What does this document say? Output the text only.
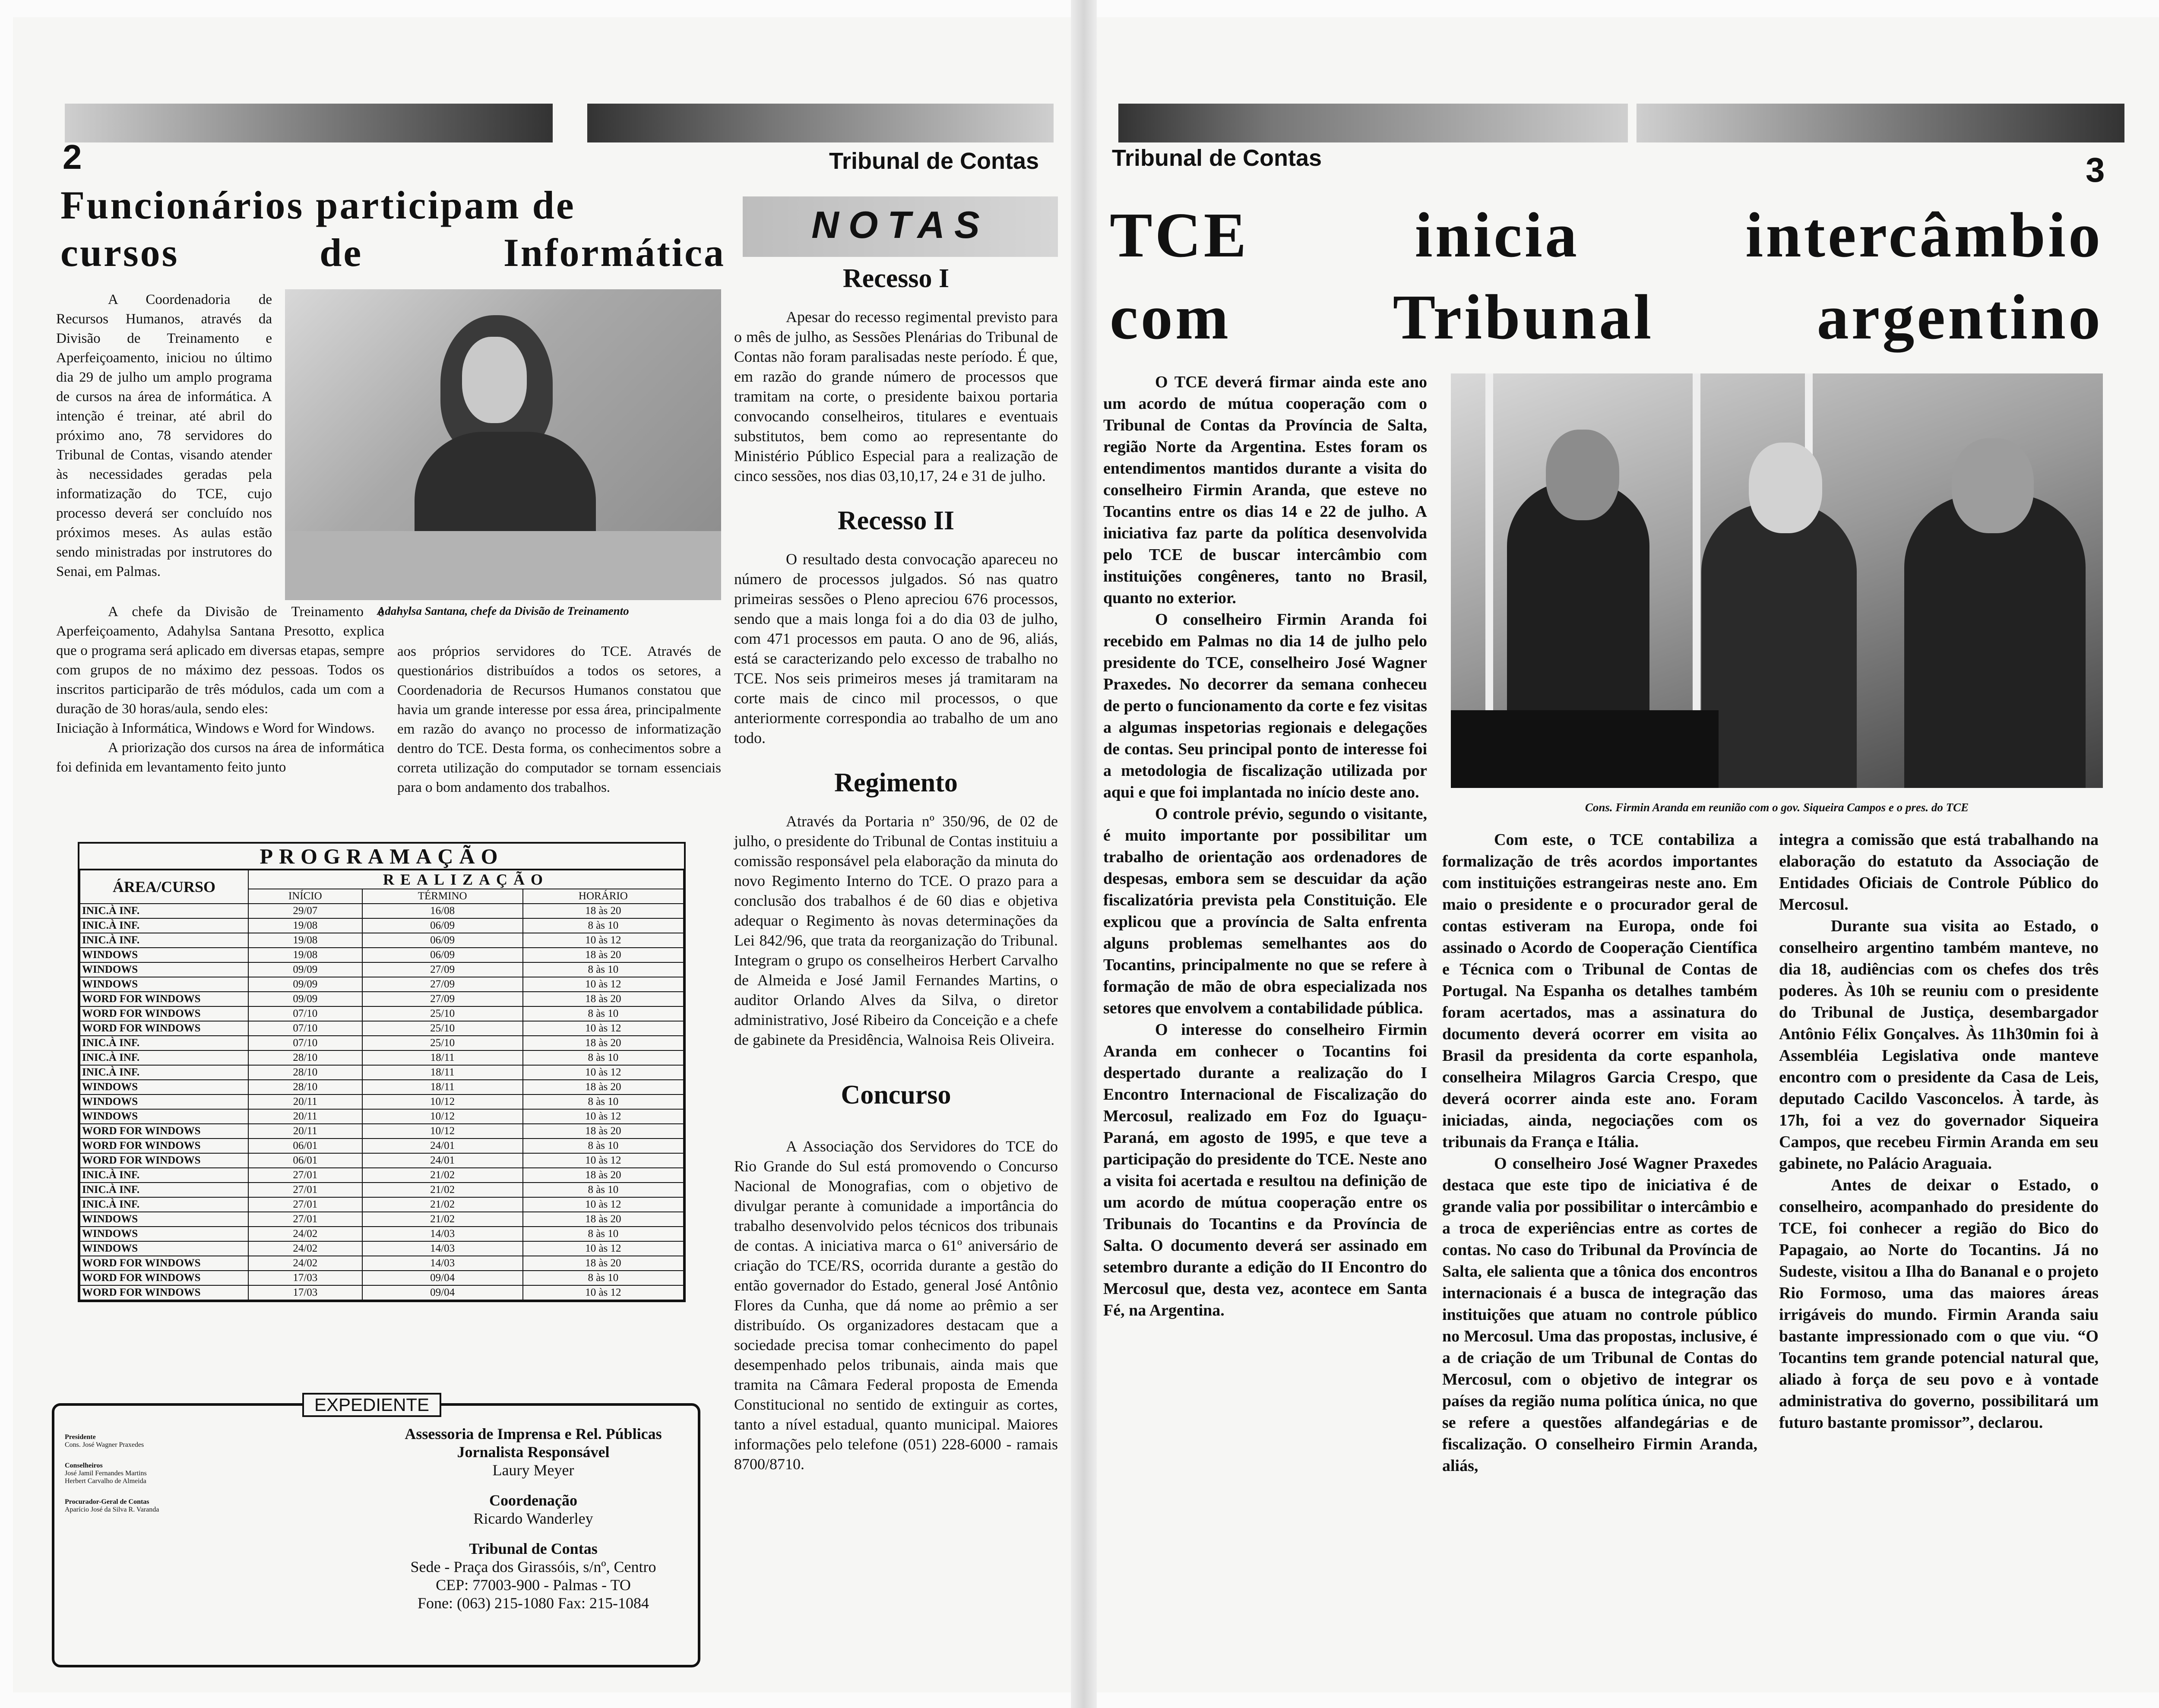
2	Tribunal de Contas
Funcionários participam de
cursos de Informática
Adahylsa Santana, chefe da Divisão de Treinamento

A Coordenadoria de Recursos Humanos, através da Divisão de Treinamento e Aperfeiçoamento, iniciou no último dia 29 de julho um amplo programa de cursos na área de informática. A intenção é treinar, até abril do próximo ano, 78 servidores do Tribunal de Contas, visando atender às necessidades geradas pela informatização do TCE, cujo processo deverá ser concluído nos próximos meses. As aulas estão sendo ministradas por instrutores do Senai, em Palmas.

A chefe da Divisão de Treinamento e Aperfeiçoamento, Adahylsa Santana Presotto, explica que o programa será aplicado em diversas etapas, sempre com grupos de no máximo dez pessoas. Todos os inscritos participarão de três módulos, cada um com a duração de 30 horas/aula, sendo eles:

Iniciação à Informática, Windows e Word for Windows.

A priorização dos cursos na área de informática foi definida em levantamento feito junto

aos próprios servidores do TCE. Através de questionários distribuídos a todos os setores, a Coordenadoria de Recursos Humanos constatou que havia um grande interesse por essa área, principalmente em razão do avanço no processo de informatização dentro do TCE. Desta forma, os conhecimentos sobre a correta utilização do computador se tornam essenciais para o bom andamento dos trabalhos.

PROGRAMAÇÃO
ÁREA/CURSO	REALIZAÇÃO		
	INÍCIO	TÉRMINO	HORÁRIO
INIC.À INF.	29/07	16/08	18 às 20
INIC.À INF.	19/08	06/09	8 às 10
INIC.À INF.	19/08	06/09	10 às 12
WINDOWS	19/08	06/09	18 às 20
WINDOWS	09/09	27/09	8 às 10
WINDOWS	09/09	27/09	10 às 12
WORD FOR WINDOWS	09/09	27/09	18 às 20
WORD FOR WINDOWS	07/10	25/10	8 às 10
WORD FOR WINDOWS	07/10	25/10	10 às 12
INIC.À INF.	07/10	25/10	18 às 20
INIC.À INF.	28/10	18/11	8 às 10
INIC.À INF.	28/10	18/11	10 às 12
WINDOWS	28/10	18/11	18 às 20
WINDOWS	20/11	10/12	8 às 10
WINDOWS	20/11	10/12	10 às 12
WORD FOR WINDOWS	20/11	10/12	18 às 20
WORD FOR WINDOWS	06/01	24/01	8 às 10
WORD FOR WINDOWS	06/01	24/01	10 às 12
INIC.À INF.	27/01	21/02	18 às 20
INIC.À INF.	27/01	21/02	8 às 10
INIC.À INF.	27/01	21/02	10 às 12
WINDOWS	27/01	21/02	18 às 20
WINDOWS	24/02	14/03	8 às 10
WINDOWS	24/02	14/03	10 às 12
WORD FOR WINDOWS	24/02	14/03	18 às 20
WORD FOR WINDOWS	17/03	09/04	8 às 10
WORD FOR WINDOWS	17/03	09/04	10 às 12
EXPEDIENTE
Presidente
Cons. José Wagner Praxedes
Conselheiros
José Jamil Fernandes Martins
Herbert Carvalho de Almeida
Procurador-Geral de Contas
Aparício José da Silva R. Varanda
Assessoria de Imprensa e Rel. Públicas
Jornalista Responsável
Laury Meyer
Coordenação
Ricardo Wanderley
Tribunal de Contas
Sede - Praça dos Girassóis, s/nº, Centro
CEP: 77003-900 - Palmas - TO
Fone: (063) 215-1080 Fax: 215-1084
NOTAS
Recesso I

Apesar do recesso regimental previsto para o mês de julho, as Sessões Plenárias do Tribunal de Contas não foram paralisadas neste período. É que, em razão do grande número de processos que tramitam na corte, o presidente baixou portaria convocando conselheiros, titulares e eventuais substitutos, bem como ao representante do Ministério Público Especial para a realização de cinco sessões, nos dias 03,10,17, 24 e 31 de julho.

Recesso II

O resultado desta convocação apareceu no número de processos julgados. Só nas quatro primeiras sessões o Pleno apreciou 676 processos, sendo que a mais longa foi a do dia 03 de julho, com 471 processos em pauta. O ano de 96, aliás, está se caracterizando pelo excesso de trabalho no TCE. Nos seis primeiros meses já tramitaram na corte mais de cinco mil processos, o que anteriormente correspondia ao trabalho de um ano todo.

Regimento

Através da Portaria nº 350/96, de 02 de julho, o presidente do Tribunal de Contas instituiu a comissão responsável pela elaboração da minuta do novo Regimento Interno do TCE. O prazo para a conclusão dos trabalhos é de 60 dias e objetiva adequar o Regimento às novas determinações da Lei 842/96, que trata da reorganização do Tribunal. Integram o grupo os conselheiros Herbert Carvalho de Almeida e José Jamil Fernandes Martins, o auditor Orlando Alves da Silva, o diretor administrativo, José Ribeiro da Conceição e a chefe de gabinete da Presidência, Walnoisa Reis Oliveira.

Concurso

A Associação dos Servidores do TCE do Rio Grande do Sul está promovendo o Concurso Nacional de Monografias, com o objetivo de divulgar perante à comunidade a importância do trabalho desenvolvido pelos técnicos dos tribunais de contas. A iniciativa marca o 61º aniversário de criação do TCE/RS, ocorrida durante a gestão do então governador do Estado, general José Antônio Flores da Cunha, que dá nome ao prêmio a ser distribuído. Os organizadores destacam que a sociedade precisa tomar conhecimento do papel desempenhado pelos tribunais, ainda mais que tramita na Câmara Federal proposta de Emenda Constitucional no sentido de extinguir as cortes, tanto a nível estadual, quanto municipal. Maiores informações pelo telefone (051) 228-6000 - ramais 8700/8710.

Tribunal de Contas	3
TCE inicia intercâmbio
com Tribunal argentino
Cons. Firmin Aranda em reunião com o gov. Siqueira Campos e o pres. do TCE

O TCE deverá firmar ainda este ano um acordo de mútua cooperação com o Tribunal de Contas da Província de Salta, região Norte da Argentina. Estes foram os entendimentos mantidos durante a visita do conselheiro Firmin Aranda, que esteve no Tocantins entre os dias 14 e 22 de julho. A iniciativa faz parte da política desenvolvida pelo TCE de buscar intercâmbio com instituições congêneres, tanto no Brasil, quanto no exterior.

O conselheiro Firmin Aranda foi recebido em Palmas no dia 14 de julho pelo presidente do TCE, conselheiro José Wagner Praxedes. No decorrer da semana conheceu de perto o funcionamento da corte e fez visitas a algumas inspetorias regionais e delegações de contas. Seu principal ponto de interesse foi a metodologia de fiscalização utilizada por aqui e que foi implantada no início deste ano.

O controle prévio, segundo o visitante, é muito importante por possibilitar um trabalho de orientação aos ordenadores de despesas, embora sem se descuidar da ação fiscalizatória prevista pela Constituição. Ele explicou que a província de Salta enfrenta alguns problemas semelhantes aos do Tocantins, principalmente no que se refere à formação de mão de obra especializada nos setores que envolvem a contabilidade pública.

O interesse do conselheiro Firmin Aranda em conhecer o Tocantins foi despertado durante a realização do I Encontro Internacional de Fiscalização do Mercosul, realizado em Foz do Iguaçu-Paraná, em agosto de 1995, e que teve a participação do presidente do TCE. Neste ano a visita foi acertada e resultou na definição de um acordo de mútua cooperação entre os Tribunais do Tocantins e da Província de Salta. O documento deverá ser assinado em setembro durante a edição do II Encontro do Mercosul que, desta vez, acontece em Santa Fé, na Argentina.

Com este, o TCE contabiliza a formalização de três acordos importantes com instituições estrangeiras neste ano. Em maio o presidente e o procurador geral de contas estiveram na Europa, onde foi assinado o Acordo de Cooperação Científica e Técnica com o Tribunal de Contas de Portugal. Na Espanha os detalhes também foram acertados, mas a assinatura do documento deverá ocorrer em visita ao Brasil da presidenta da corte espanhola, conselheira Milagros Garcia Crespo, que deverá ocorrer ainda este ano. Foram iniciadas, ainda, negociações com os tribunais da França e Itália.

O conselheiro José Wagner Praxedes destaca que este tipo de iniciativa é de grande valia por possibilitar o intercâmbio e a troca de experiências entre as cortes de contas. No caso do Tribunal da Província de Salta, ele salienta que a tônica dos encontros internacionais é a busca de integração das instituições que atuam no controle público no Mercosul. Uma das propostas, inclusive, é a de criação de um Tribunal de Contas do Mercosul, com o objetivo de integrar os países da região numa política única, no que se refere a questões alfandegárias e de fiscalização. O conselheiro Firmin Aranda, aliás,

integra a comissão que está trabalhando na elaboração do estatuto da Associação de Entidades Oficiais de Controle Público do Mercosul.

Durante sua visita ao Estado, o conselheiro argentino também manteve, no dia 18, audiências com os chefes dos três poderes. Às 10h se reuniu com o presidente do Tribunal de Justiça, desembargador Antônio Félix Gonçalves. Às 11h30min foi à Assembléia Legislativa onde manteve encontro com o presidente da Casa de Leis, deputado Cacildo Vasconcelos. À tarde, às 17h, foi a vez do governador Siqueira Campos, que recebeu Firmin Aranda em seu gabinete, no Palácio Araguaia.

Antes de deixar o Estado, o conselheiro, acompanhado do presidente do TCE, foi conhecer a região do Bico do Papagaio, ao Norte do Tocantins. Já no Sudeste, visitou a Ilha do Bananal e o projeto Rio Formoso, uma das maiores áreas irrigáveis do mundo. Firmin Aranda saiu bastante impressionado com o que viu. “O Tocantins tem grande potencial natural que, aliado à força de seu povo e à vontade administrativa do governo, possibilitará um futuro bastante promissor”, declarou.
